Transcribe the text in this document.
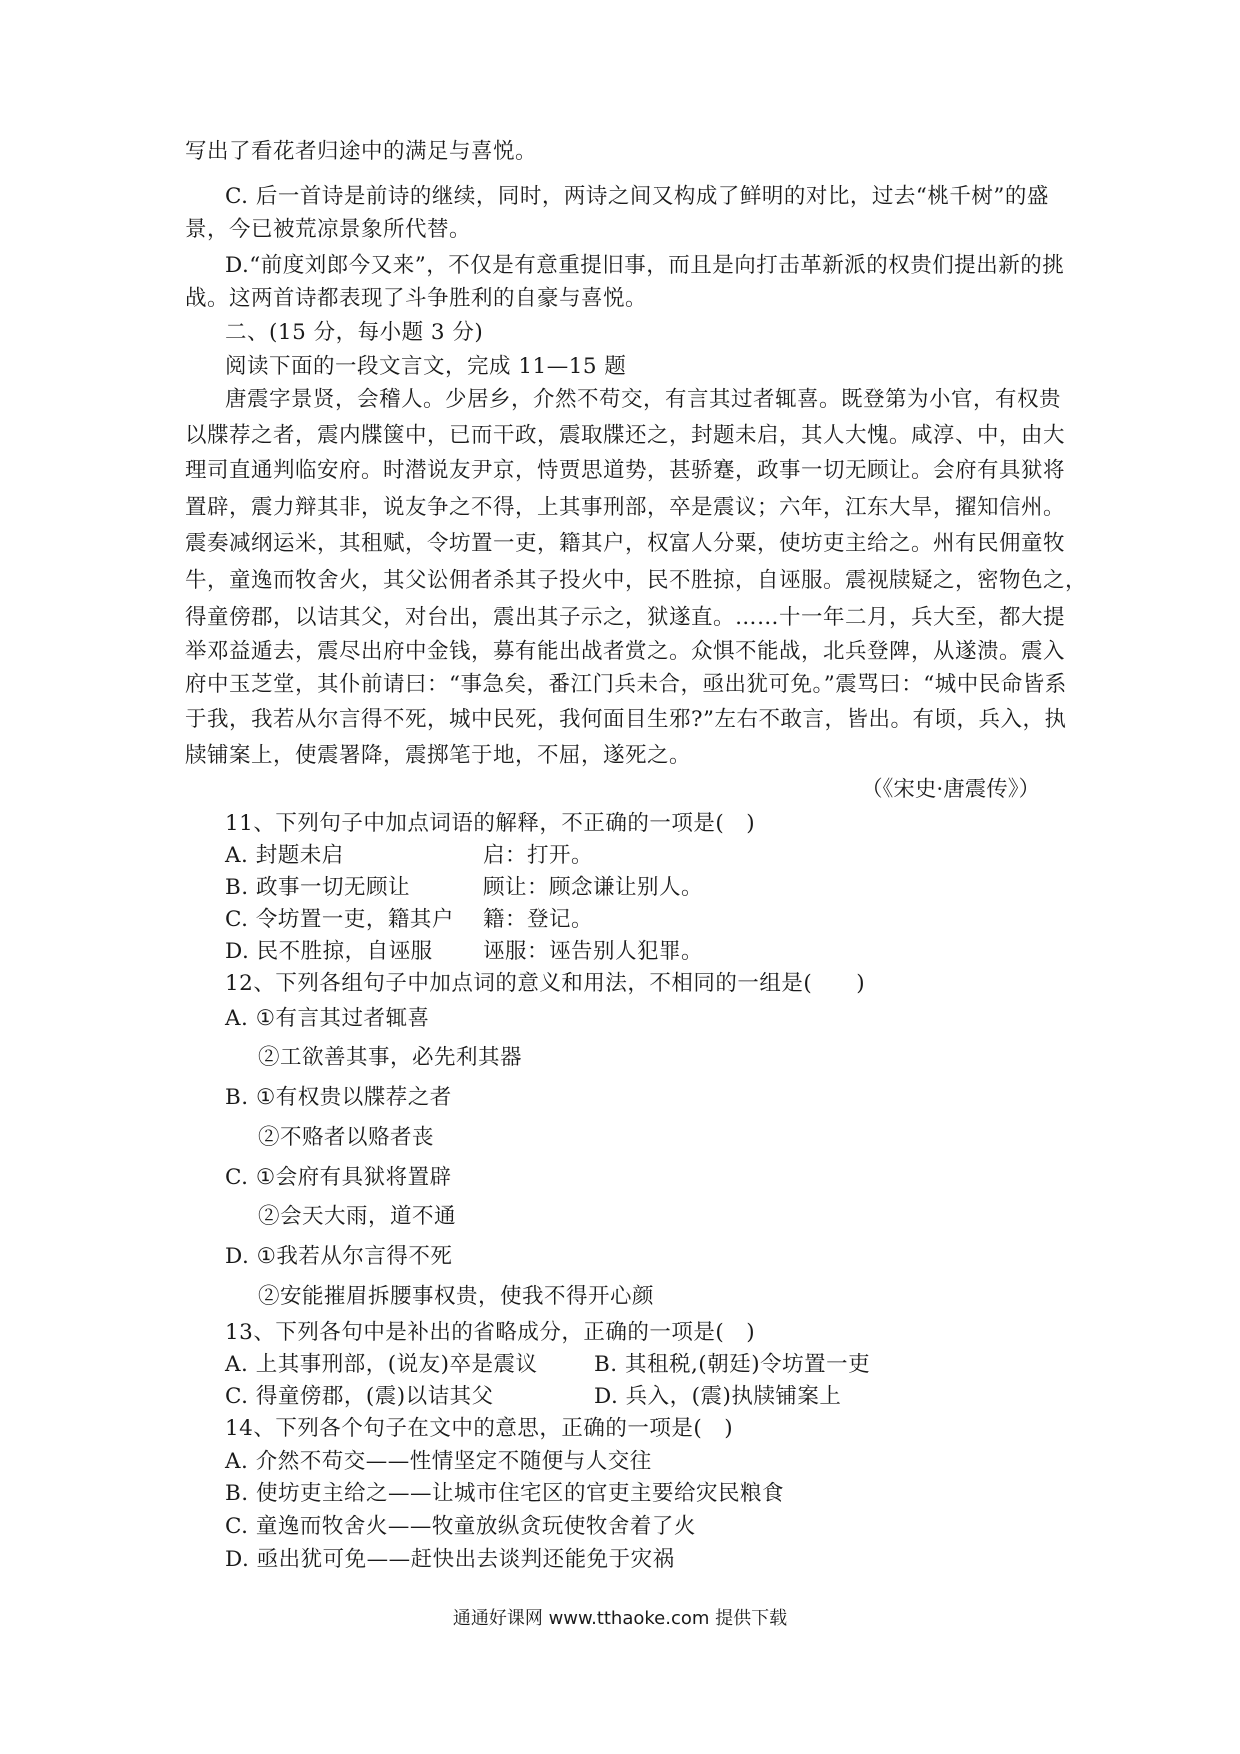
写出了看花者归途中的满足与喜悦。
C. 后一首诗是前诗的继续，同时，两诗之间又构成了鲜明的对比，过去“桃千树”的盛
景，今已被荒凉景象所代替。
D.“前度刘郎今又来”，不仅是有意重提旧事，而且是向打击革新派的权贵们提出新的挑
战。这两首诗都表现了斗争胜利的自豪与喜悦。
二、(15 分，每小题 3 分)
阅读下面的一段文言文，完成 11—15 题
唐震字景贤，会稽人。少居乡，介然不苟交，有言其过者辄喜。既登第为小官，有权贵
以牒荐之者，震内牒箧中，已而干政，震取牒还之，封题未启，其人大愧。咸淳、中，由大
理司直通判临安府。时潜说友尹京，恃贾思道势，甚骄蹇，政事一切无顾让。会府有具狱将
置辟，震力辩其非，说友争之不得，上其事刑部，卒是震议；六年，江东大旱，擢知信州。
震奏减纲运米，其租赋，令坊置一吏，籍其户，权富人分粟，使坊吏主给之。州有民佣童牧
牛，童逸而牧舍火，其父讼佣者杀其子投火中，民不胜掠，自诬服。震视牍疑之，密物色之，
得童傍郡，以诘其父，对台出，震出其子示之，狱遂直。……十一年二月，兵大至，都大提
举邓益遁去，震尽出府中金钱，募有能出战者赏之。众惧不能战，北兵登陴，从遂溃。震入
府中玉芝堂，其仆前请曰：“事急矣，番江门兵未合，亟出犹可免。”震骂曰：“城中民命皆系
于我，我若从尔言得不死，城中民死，我何面目生邪?”左右不敢言，皆出。有顷，兵入，执
牍铺案上，使震署降，震掷笔于地，不屈，遂死之。
（《宋史·唐震传》）
11、下列句子中加点词语的解释，不正确的一项是(　)
A. 封题未启	启：打开。
B. 政事一切无顾让	顾让：顾念谦让别人。
C. 令坊置一吏，籍其户 籍：登记。
D. 民不胜掠，自诬服 诬服：诬告别人犯罪。
12、下列各组句子中加点词的意义和用法，不相同的一组是(　　)
A. ①有言其过者辄喜
②工欲善其事，必先利其器
B. ①有权贵以牒荐之者
②不赂者以赂者丧
C. ①会府有具狱将置辟
②会天大雨，道不通
D. ①我若从尔言得不死
②安能摧眉拆腰事权贵，使我不得开心颜
13、下列各句中是补出的省略成分，正确的一项是(　)
A. 上其事刑部，(说友)卒是震议	B. 其租税,(朝廷)令坊置一吏
C. 得童傍郡，(震)以诘其父	D. 兵入，(震)执牍铺案上
14、下列各个句子在文中的意思，正确的一项是(　)
A. 介然不苟交——性情坚定不随便与人交往
B. 使坊吏主给之——让城市住宅区的官吏主要给灾民粮食
C. 童逸而牧舍火——牧童放纵贪玩使牧舍着了火
D. 亟出犹可免——赶快出去谈判还能免于灾祸
通通好课网 www.tthaoke.com 提供下载
